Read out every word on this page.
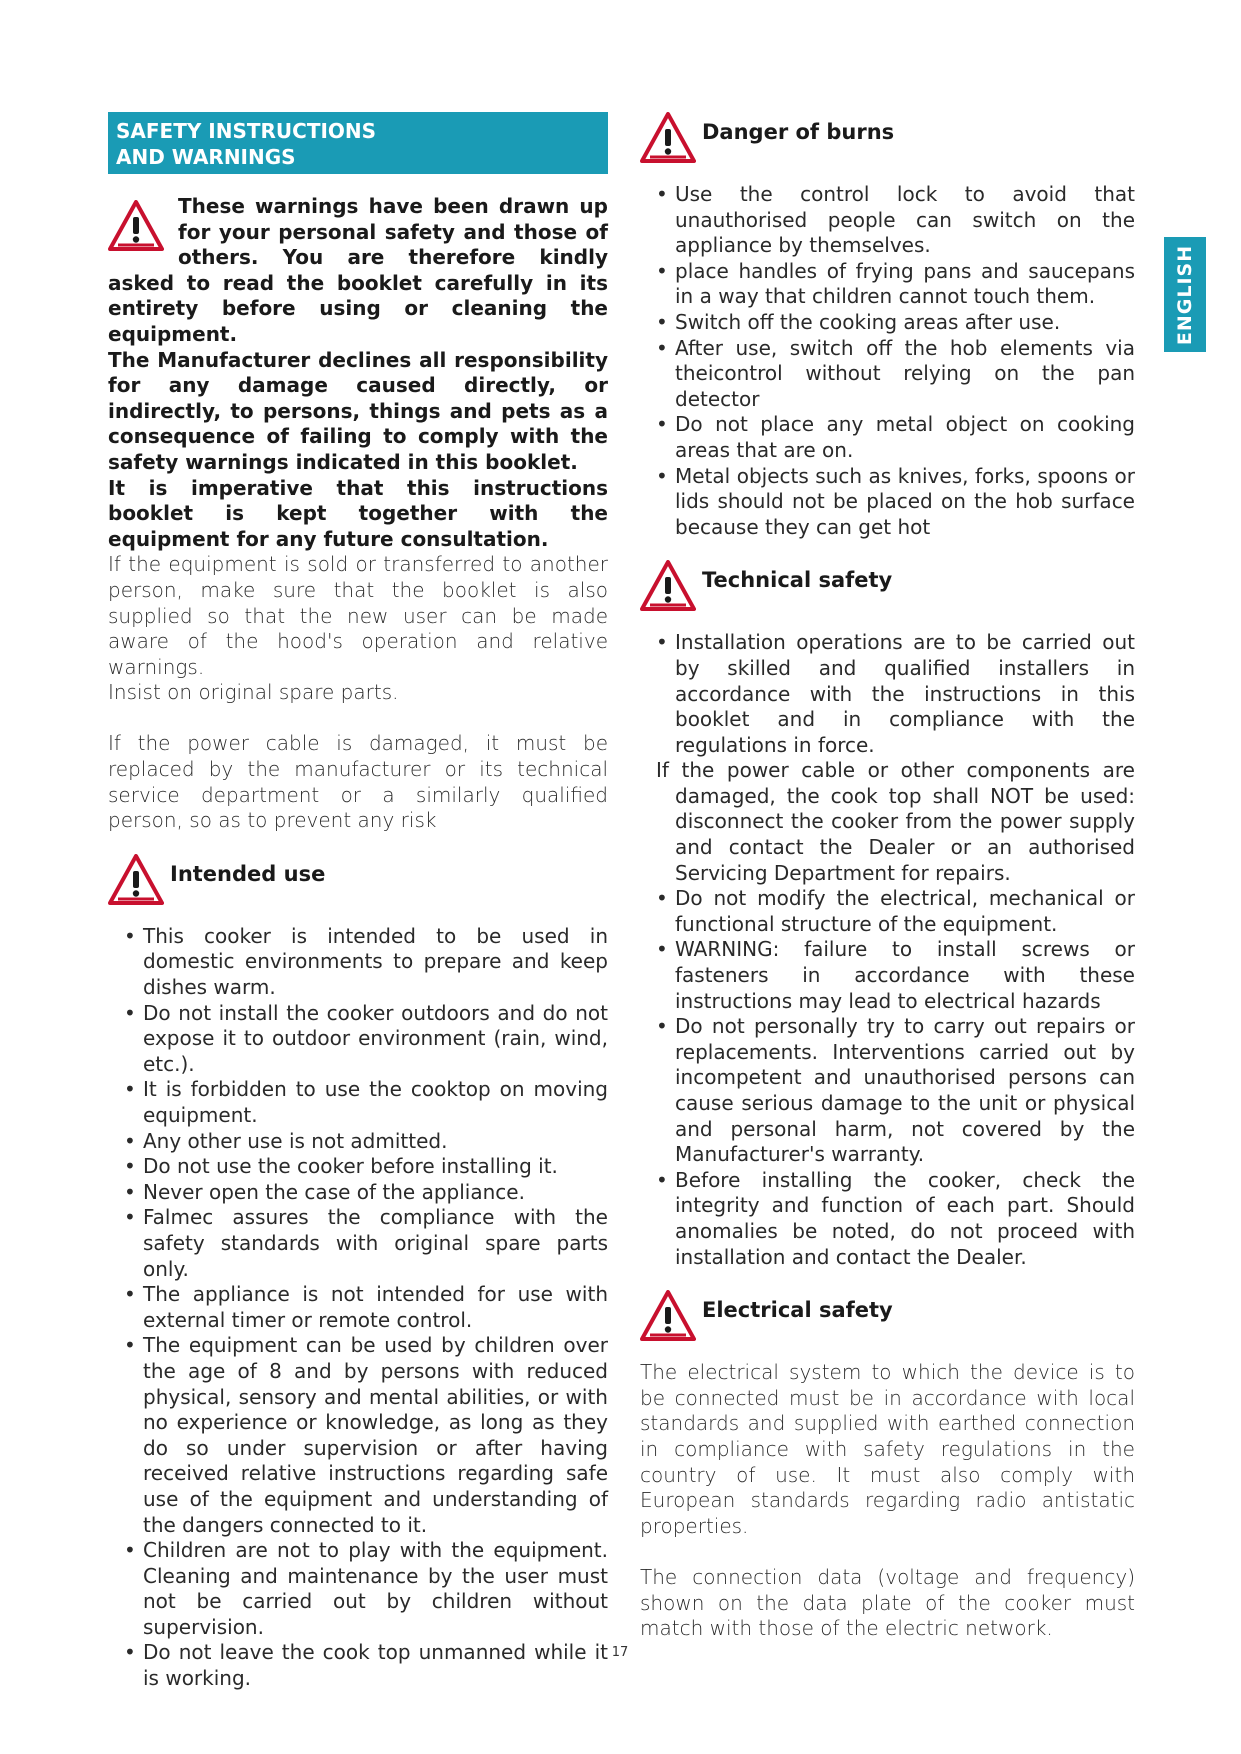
SAFETY INSTRUCTIONS
AND WARNINGS

These warnings have been drawn up for your personal safety and those of others. You are therefore kindly asked to read the booklet carefully in its entirety before using or cleaning the equipment.

The Manufacturer declines all responsibility for any damage caused directly, or indirectly, to persons, things and pets as a consequence of failing to comply with the safety warnings indicated in this booklet.

It is imperative that this instructions booklet is kept together with the equipment for any future consultation.

If the equipment is sold or transferred to another person, make sure that the booklet is also supplied so that the new user can be made aware of the hood's operation and relative warnings.

Insist on original spare parts.

If the power cable is damaged, it must be replaced by the manufacturer or its technical service department or a similarly qualified person, so as to prevent any risk

Intended use
• This cooker is intended to be used in domestic environments to prepare and keep dishes warm.
• Do not install the cooker outdoors and do not expose it to outdoor environment (rain, wind, etc.).
• It is forbidden to use the cooktop on moving equipment.
• Any other use is not admitted.
• Do not use the cooker before installing it.
• Never open the case of the appliance.
• Falmec assures the compliance with the safety standards with original spare parts only.
• The appliance is not intended for use with external timer or remote control.
• The equipment can be used by children over the age of 8 and by persons with reduced physical, sensory and mental abilities, or with no experience or knowledge, as long as they do so under supervision or after having received relative instructions regarding safe use of the equipment and understanding of the dangers connected to it.
• Children are not to play with the equipment. Cleaning and maintenance by the user must not be carried out by children without supervision.
• Do not leave the cook top unmanned while it is working.
Danger of burns
• Use the control lock to avoid that unauthorised people can switch on the appliance by themselves.
• place handles of frying pans and saucepans in a way that children cannot touch them.
• Switch off the cooking areas after use.
• After use, switch off the hob elements via theicontrol without relying on the pan detector
• Do not place any metal object on cooking areas that are on.
• Metal objects such as knives, forks, spoons or lids should not be placed on the hob surface because they can get hot
Technical safety
• Installation operations are to be carried out by skilled and qualified installers in accordance with the instructions in this booklet and in compliance with the regulations in force.
If the power cable or other components are damaged, the cook top shall NOT be used: disconnect the cooker from the power supply and contact the Dealer or an authorised Servicing Department for repairs.
• Do not modify the electrical, mechanical or functional structure of the equipment.
• WARNING: failure to install screws or fasteners in accordance with these instructions may lead to electrical hazards
• Do not personally try to carry out repairs or replacements. Interventions carried out by incompetent and unauthorised persons can cause serious damage to the unit or physical and personal harm, not covered by the Manufacturer's warranty.
• Before installing the cooker, check the integrity and function of each part. Should anomalies be noted, do not proceed with installation and contact the Dealer.
Electrical safety

The electrical system to which the device is to be connected must be in accordance with local standards and supplied with earthed connection in compliance with safety regulations in the country of use. It must also comply with European standards regarding radio antistatic properties.

The connection data (voltage and frequency) shown on the data plate of the cooker must match with those of the electric network.

ENGLISH
17
